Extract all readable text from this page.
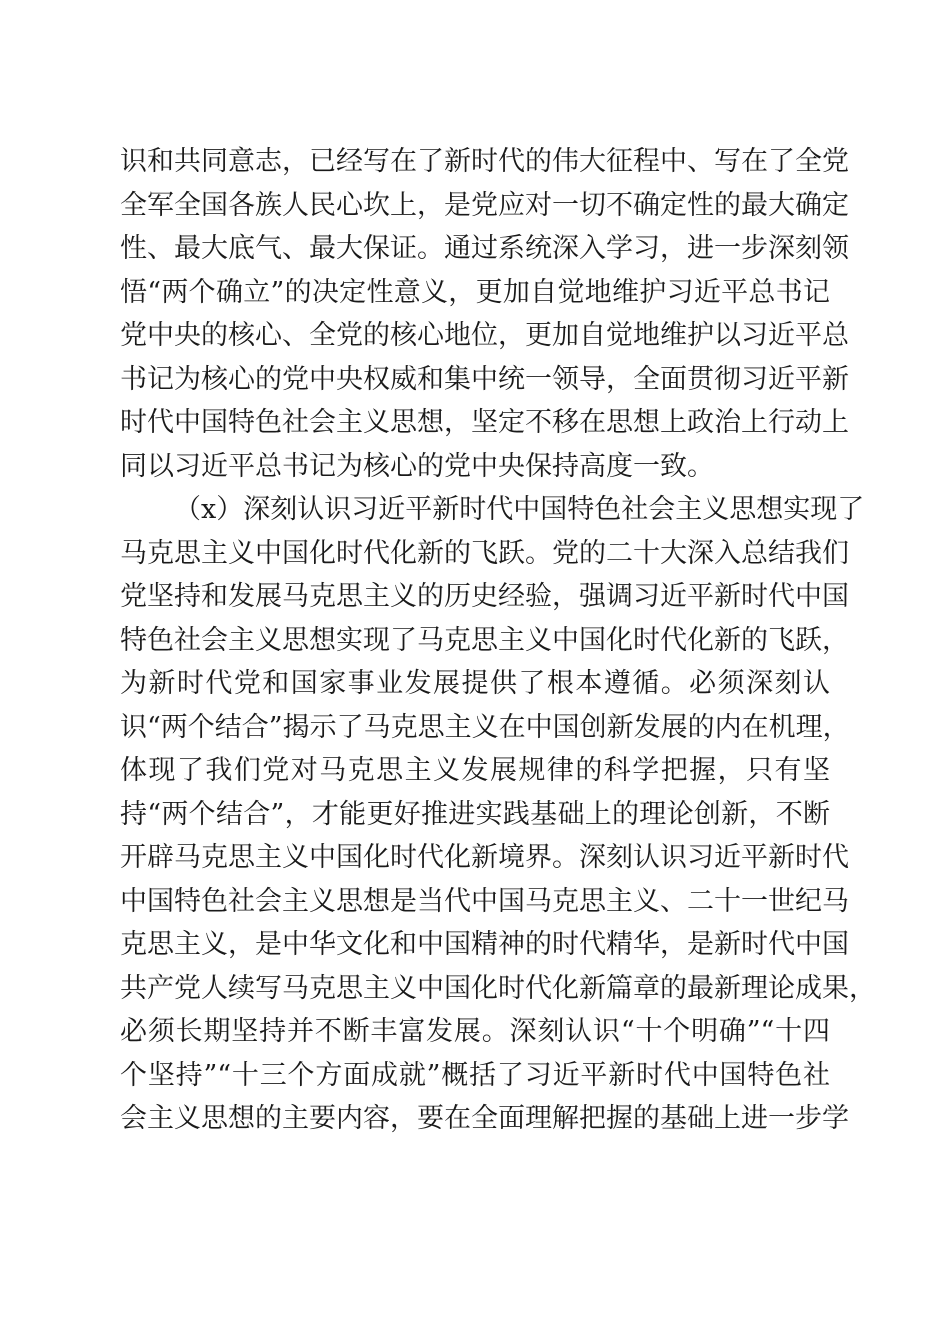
识和共同意志，已经写在了新时代的伟大征程中、写在了全党
全军全国各族人民心坎上，是党应对一切不确定性的最大确定
性、最大底气、最大保证。通过系统深入学习，进一步深刻领
悟“两个确立”的决定性意义，更加自觉地维护习近平总书记
党中央的核心、全党的核心地位，更加自觉地维护以习近平总
书记为核心的党中央权威和集中统一领导，全面贯彻习近平新
时代中国特色社会主义思想，坚定不移在思想上政治上行动上
同以习近平总书记为核心的党中央保持高度一致。
（x）深刻认识习近平新时代中国特色社会主义思想实现了
马克思主义中国化时代化新的飞跃。党的二十大深入总结我们
党坚持和发展马克思主义的历史经验，强调习近平新时代中国
特色社会主义思想实现了马克思主义中国化时代化新的飞跃，
为新时代党和国家事业发展提供了根本遵循。必须深刻认
识“两个结合”揭示了马克思主义在中国创新发展的内在机理，
体现了我们党对马克思主义发展规律的科学把握，只有坚
持“两个结合”，才能更好推进实践基础上的理论创新，不断
开辟马克思主义中国化时代化新境界。深刻认识习近平新时代
中国特色社会主义思想是当代中国马克思主义、二十一世纪马
克思主义，是中华文化和中国精神的时代精华，是新时代中国
共产党人续写马克思主义中国化时代化新篇章的最新理论成果，
必须长期坚持并不断丰富发展。深刻认识“十个明确”“十四
个坚持”“十三个方面成就”概括了习近平新时代中国特色社
会主义思想的主要内容，要在全面理解把握的基础上进一步学
